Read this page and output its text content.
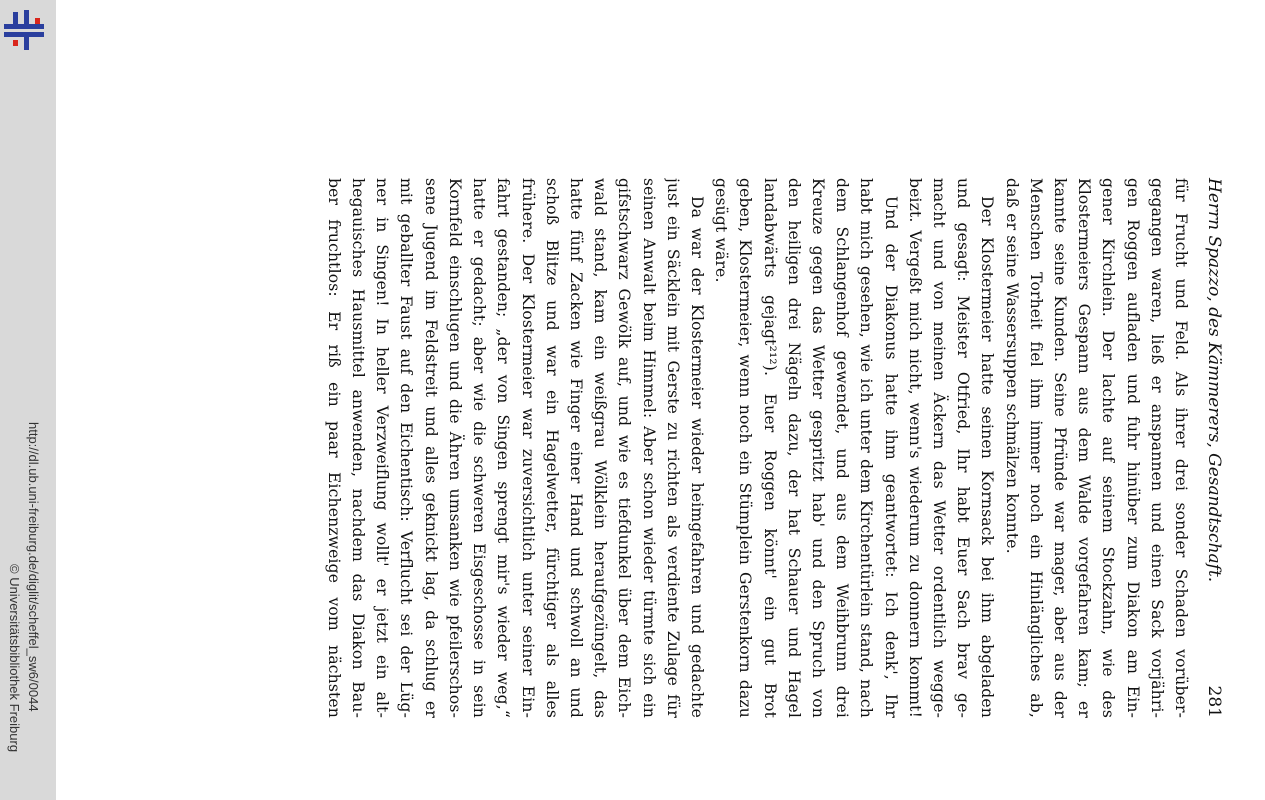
http://dl.ub.uni-freiburg.de/diglit/scheffel_sw6/0044
© Universitätsbibliothek Freiburg
Herrn Spazzo, des Kämmerers, Gesandtschaft.
281
für Frucht und Feld. Als ihrer drei sonder Schaden vorüber-
gegangen waren, ließ er anspannen und einen Sack vorjähri-
gen Roggen aufladen und fuhr hinüber zum Diakon am Ein-
gener Kirchlein. Der lachte auf seinem Stockzahn, wie des
Klostermeiers Gespann aus dem Walde vorgefahren kam; er
kannte seine Kunden. Seine Pfründe war mager, aber aus der
Menschen Torheit fiel ihm immer noch ein Hinlängliches ab,
daß er seine Wassersuppen schmälzen konnte.
Der Klostermeier hatte seinen Kornsack bei ihm abgeladen
und gesagt: Meister Otfried, Ihr habt Euer Sach brav ge-
macht und von meinen Äckern das Wetter ordentlich wegge-
beizt. Vergeßt mich nicht, wenn's wiederum zu donnern kommt!
Und der Diakonus hatte ihm geantwortet: Ich denk', Ihr
habt mich gesehen, wie ich unter dem Kirchentürlein stand, nach
dem Schlangenhof gewendet, und aus dem Weihbrunn drei
Kreuze gegen das Wetter gespritzt hab' und den Spruch von
den heiligen drei Nägeln dazu, der hat Schauer und Hagel
landabwärts gejagt²¹²). Euer Roggen könnt' ein gut Brot
geben, Klostermeier, wenn noch ein Stümplein Gerstenkorn dazu
gesügt wäre.
Da war der Klostermeier wieder heimgefahren und gedachte
just ein Säcklein mit Gerste zu richten als verdiente Zulage für
seinen Anwalt beim Himmel: Aber schon wieder türmte sich ein
gifstschwarz Gewölk auf, und wie es tiefdunkel über dem Eich-
wald stand, kam ein weißgrau Wölklein heraufgezüngelt, das
hatte fünf Zacken wie Finger einer Hand und schwoll an und
schoß Blitze und war ein Hagelwetter, fürchtiger als alles
frühere. Der Klostermeier war zuversichtlich unter seiner Ein-
fahrt gestanden; „der von Singen sprengt mir's wieder weg,“
hatte er gedacht; aber wie die schweren Eisgeschosse in sein
Kornfeld einschlugen und die Ähren umsanken wie pfeilerschos-
sene Jugend im Feldstreit und alles geknickt lag, da schlug er
mit geballter Faust auf den Eichentisch: Verflucht sei der Lüg-
ner in Singen! In heller Verzweiflung wollt' er jetzt ein alt-
hegauisches Hausmittel anwenden, nachdem das Diakon Bau-
ber fruchtlos: Er riß ein paar Eichenzweige vom nächsten
